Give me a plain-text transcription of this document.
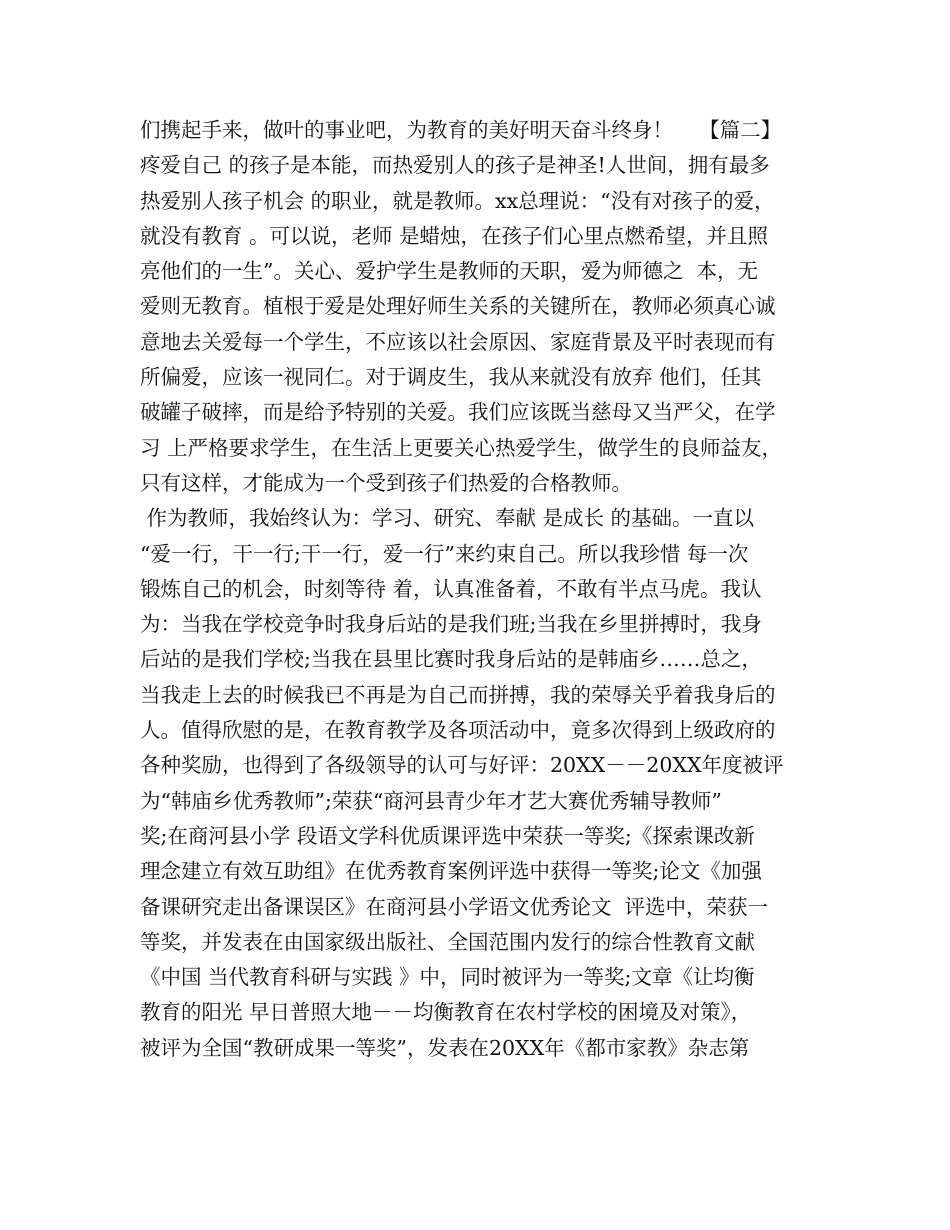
们携起手来，做叶的事业吧，为教育的美好明天奋斗终身！ 【篇二】
疼爱自己 的孩子是本能，而热爱别人的孩子是神圣!人世间，拥有最多
热爱别人孩子机会 的职业，就是教师。xx总理说：“没有对孩子的爱，
就没有教育 。可以说，老师 是蜡烛，在孩子们心里点燃希望，并且照
亮他们的一生”。关心、爱护学生是教师的天职，爱为师德之  本，无
爱则无教育。植根于爱是处理好师生关系的关键所在，教师必须真心诚
意地去关爱每一个学生，不应该以社会原因、家庭背景及平时表现而有
所偏爱，应该一视同仁。对于调皮生，我从来就没有放弃 他们，任其
破罐子破摔，而是给予特别的关爱。我们应该既当慈母又当严父，在学
习 上严格要求学生，在生活上更要关心热爱学生，做学生的良师益友，
只有这样，才能成为一个受到孩子们热爱的合格教师。
作为教师，我始终认为：学习、研究、奉献 是成长 的基础。一直以
“爱一行，干一行;干一行，爱一行”来约束自己。所以我珍惜 每一次
锻炼自己的机会，时刻等待 着，认真准备着，不敢有半点马虎。我认
为：当我在学校竞争时我身后站的是我们班;当我在乡里拼搏时，我身
后站的是我们学校;当我在县里比赛时我身后站的是韩庙乡……总之，
当我走上去的时候我已不再是为自己而拼搏，我的荣辱关乎着我身后的
人。值得欣慰的是，在教育教学及各项活动中，竟多次得到上级政府的
各种奖励，也得到了各级领导的认可与好评：20XX－－20XX年度被评
为“韩庙乡优秀教师”;荣获“商河县青少年才艺大赛优秀辅导教师”
奖;在商河县小学 段语文学科优质课评选中荣获一等奖;《探索课改新
理念建立有效互助组》在优秀教育案例评选中获得一等奖;论文《加强
备课研究走出备课误区》在商河县小学语文优秀论文  评选中，荣获一
等奖，并发表在由国家级出版社、全国范围内发行的综合性教育文献
《中国 当代教育科研与实践 》中，同时被评为一等奖;文章《让均衡
教育的阳光 早日普照大地－－均衡教育在农村学校的困境及对策》，
被评为全国“教研成果一等奖”，发表在20XX年《都市家教》杂志第
